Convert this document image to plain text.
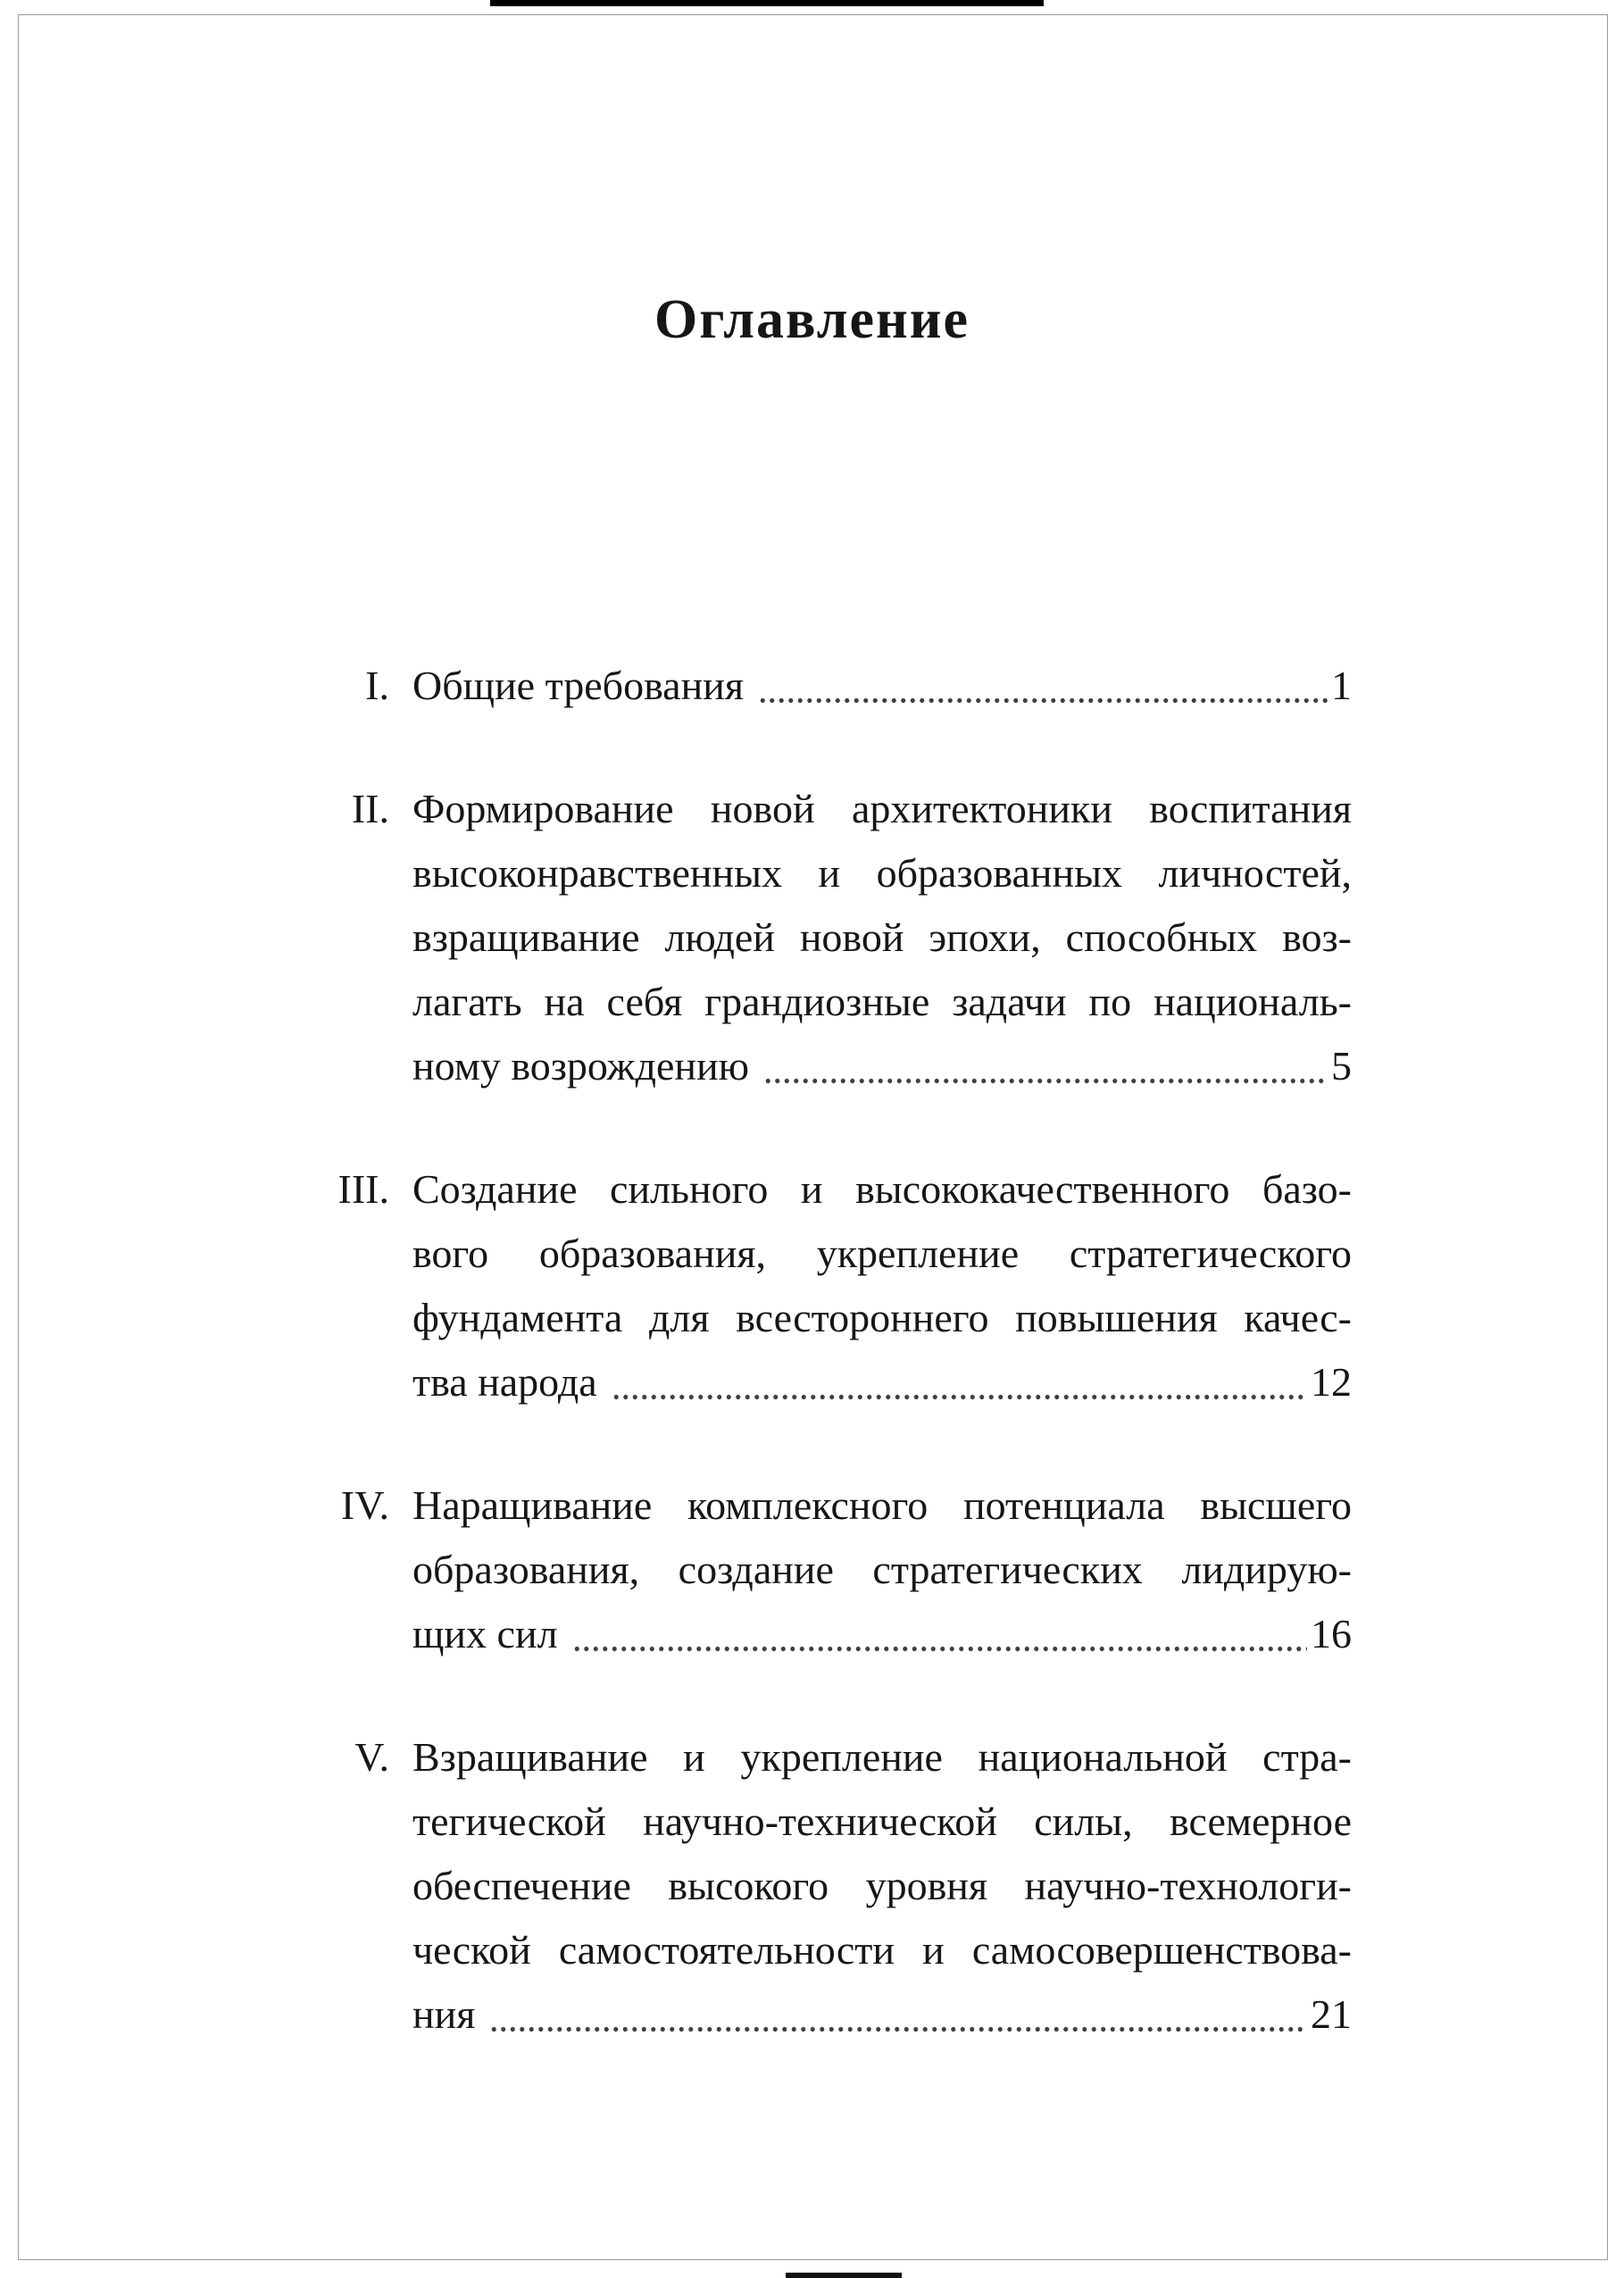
Оглавление
I. Общие требования	1
II. Формирование новой архитектоники воспитания
высоконравственных и образованных личностей,
взращивание людей новой эпохи, способных воз-
лагать на себя грандиозные задачи по националь-
ному возрождению	5
III. Создание сильного и высококачественного базо-
вого образования, укрепление стратегического
фундамента для всестороннего повышения качес-
тва народа	12
IV. Наращивание комплексного потенциала высшего
образования, создание стратегических лидирую-
щих сил	16
V. Взращивание и укрепление национальной стра-
тегической научно-технической силы, всемерное
обеспечение высокого уровня научно-технологи-
ческой самостоятельности и самосовершенствова-
ния	21
